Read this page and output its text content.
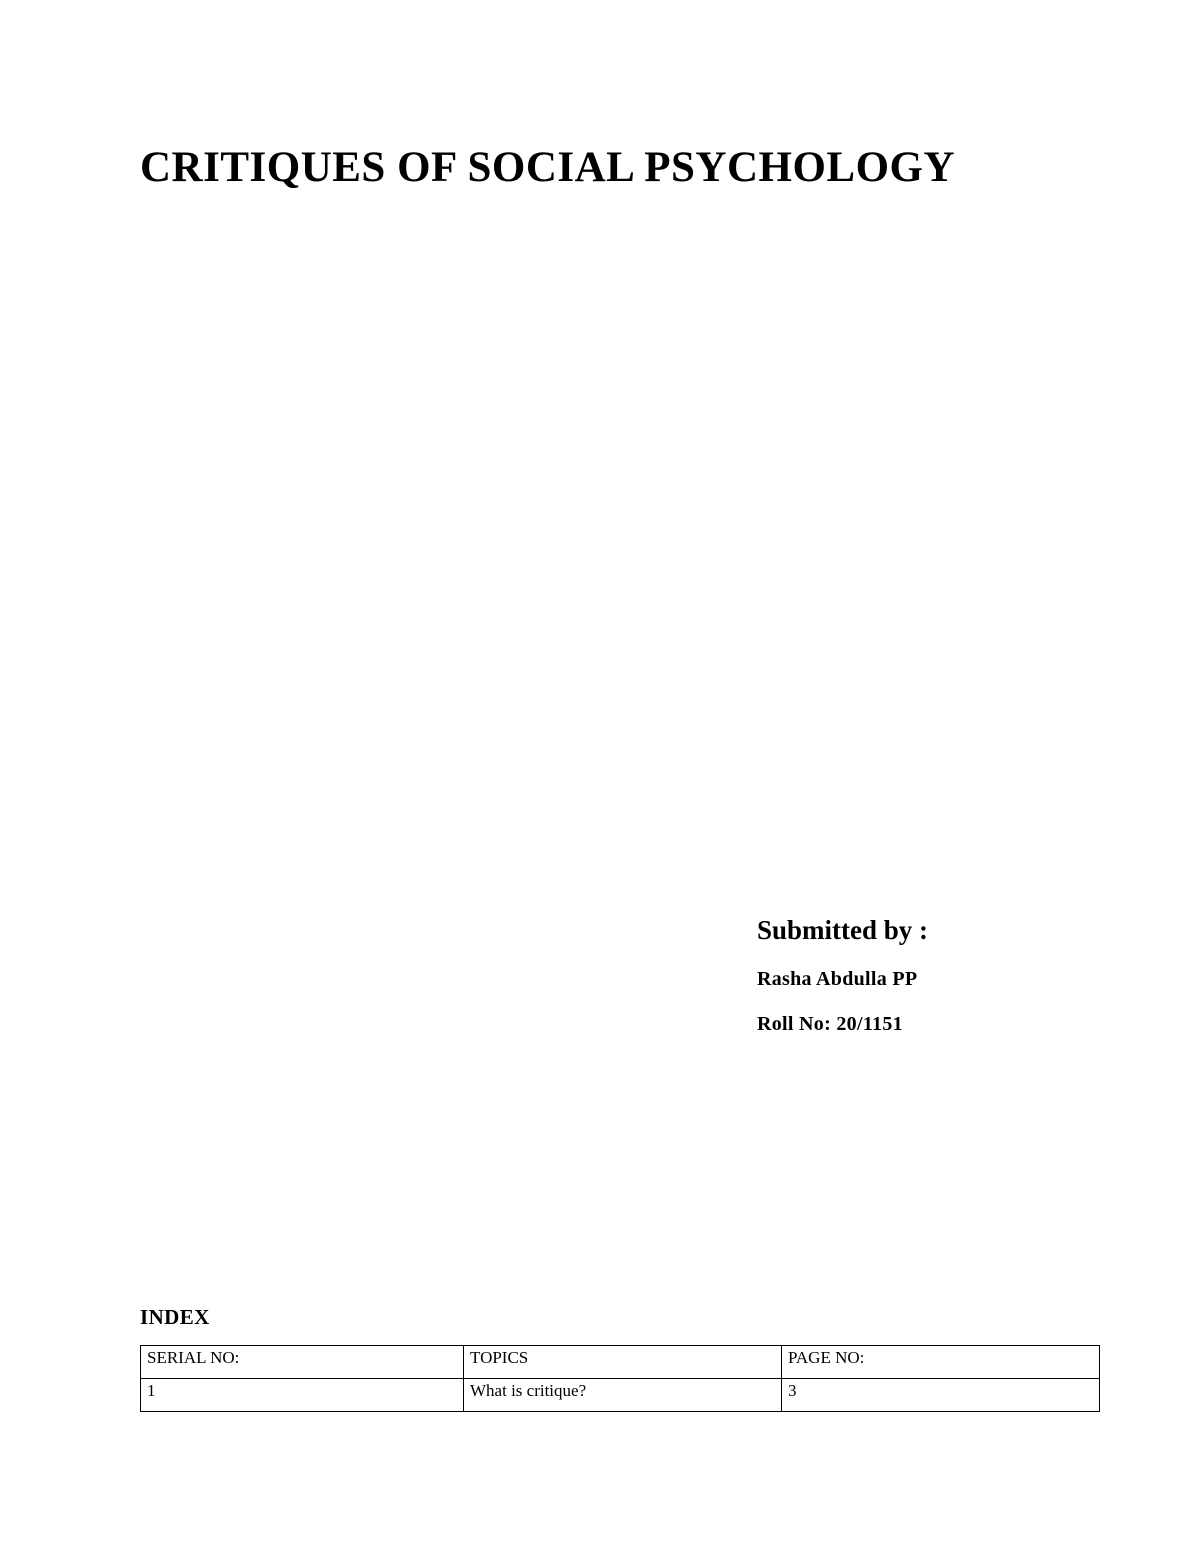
CRITIQUES OF SOCIAL PSYCHOLOGY

Submitted by :

Rasha Abdulla PP

Roll No: 20/1151

INDEX
SERIAL NO:	TOPICS	PAGE NO:
1	What is critique?	3
